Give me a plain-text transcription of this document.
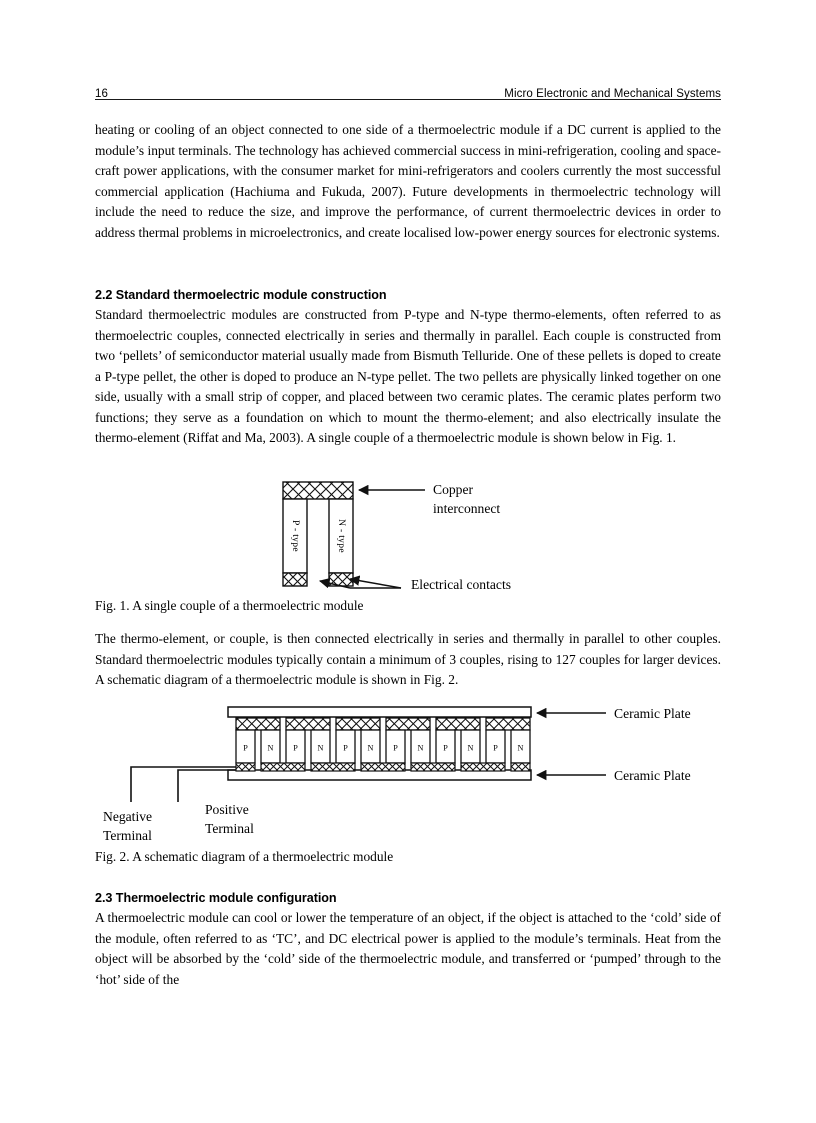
16	Micro Electronic and Mechanical Systems

heating or cooling of an object connected to one side of a thermoelectric module if a DC current is applied to the module’s input terminals. The technology has achieved commercial success in mini-refrigeration, cooling and space-craft power applications, with the consumer market for mini-refrigerators and coolers currently the most successful commercial application (Hachiuma and Fukuda, 2007). Future developments in thermoelectric technology will include the need to reduce the size, and improve the performance, of current thermoelectric devices in order to address thermal problems in microelectronics, and create localised low-power energy sources for electronic systems.

2.2 Standard thermoelectric module construction

Standard thermoelectric modules are constructed from P-type and N-type thermo-elements, often referred to as thermoelectric couples, connected electrically in series and thermally in parallel. Each couple is constructed from two ‘pellets’ of semiconductor material usually made from Bismuth Telluride. One of these pellets is doped to create a P-type pellet, the other is doped to produce an N-type pellet. The two pellets are physically linked together on one side, usually with a small strip of copper, and placed between two ceramic plates. The ceramic plates perform two functions; they serve as a foundation on which to mount the thermo-element; and also electrically insulate the thermo-element (Riffat and Ma, 2003). A single couple of a thermoelectric module is shown below in Fig. 1.

P - type	N - type
Copper
interconnect
Electrical contacts

Fig. 1. A single couple of a thermoelectric module

The thermo-element, or couple, is then connected electrically in series and thermally in parallel to other couples. Standard thermoelectric modules typically contain a minimum of 3 couples, rising to 127 couples for larger devices. A schematic diagram of a thermoelectric module is shown in Fig. 2.

P N P N P N P N P N P N
Negative
Terminal
Positive
Terminal
Ceramic Plate
Ceramic Plate

Fig. 2. A schematic diagram of a thermoelectric module

2.3 Thermoelectric module configuration

A thermoelectric module can cool or lower the temperature of an object, if the object is attached to the ‘cold’ side of the module, often referred to as ‘TC’, and DC electrical power is applied to the module’s terminals. Heat from the object will be absorbed by the ‘cold’ side of the thermoelectric module, and transferred or ‘pumped’ through to the ‘hot’ side of the
